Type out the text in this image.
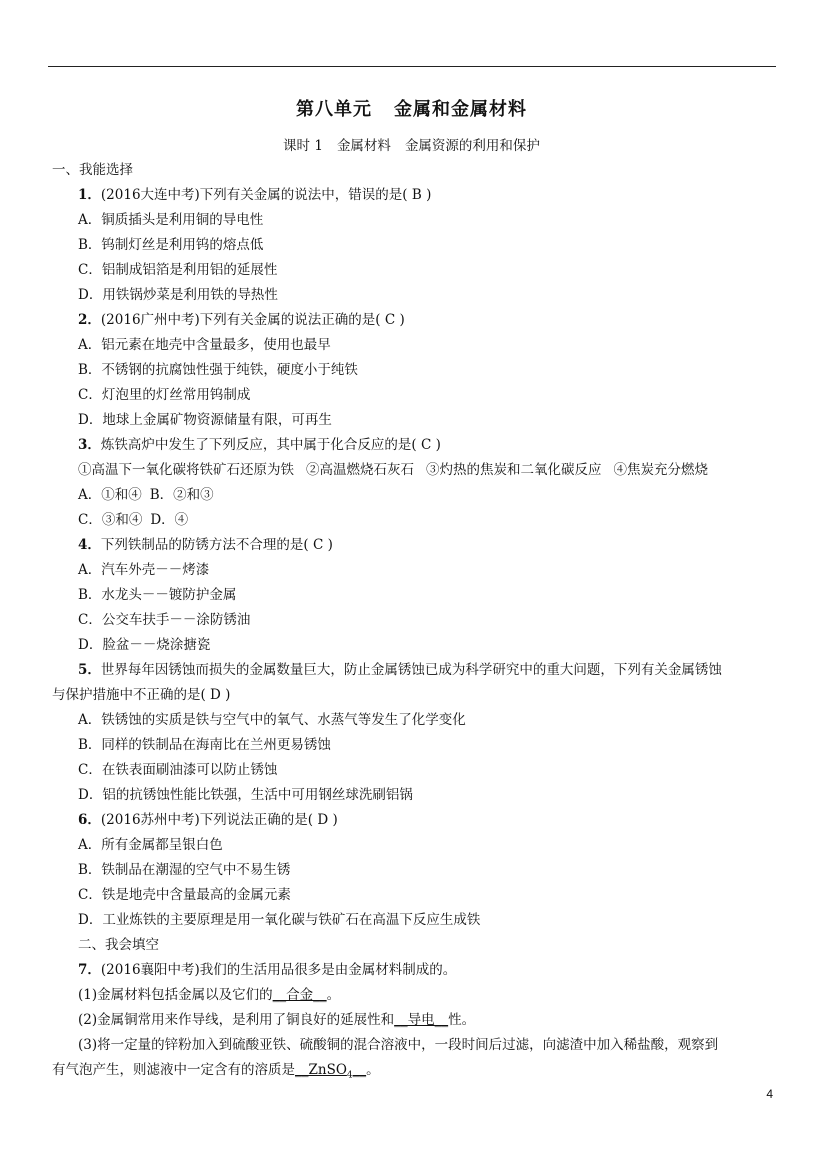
第八单元 金属和金属材料
课时 1 金属材料 金属资源的利用和保护
一、我能选择
1．(2016大连中考)下列有关金属的说法中，错误的是( B )
A．铜质插头是利用铜的导电性
B．钨制灯丝是利用钨的熔点低
C．铝制成铝箔是利用铝的延展性
D．用铁锅炒菜是利用铁的导热性
2．(2016广州中考)下列有关金属的说法正确的是( C )
A．铝元素在地壳中含量最多，使用也最早
B．不锈钢的抗腐蚀性强于纯铁，硬度小于纯铁
C．灯泡里的灯丝常用钨制成
D．地球上金属矿物资源储量有限，可再生
3．炼铁高炉中发生了下列反应，其中属于化合反应的是( C )
①高温下一氧化碳将铁矿石还原为铁 ②高温燃烧石灰石 ③灼热的焦炭和二氧化碳反应 ④焦炭充分燃烧
A．①和④ B．②和③
C．③和④ D．④
4．下列铁制品的防锈方法不合理的是( C )
A．汽车外壳－－烤漆
B．水龙头－－镀防护金属
C．公交车扶手－－涂防锈油
D．脸盆－－烧涂搪瓷
5．世界每年因锈蚀而损失的金属数量巨大，防止金属锈蚀已成为科学研究中的重大问题，下列有关金属锈蚀
与保护措施中不正确的是( D )
A．铁锈蚀的实质是铁与空气中的氧气、水蒸气等发生了化学变化
B．同样的铁制品在海南比在兰州更易锈蚀
C．在铁表面刷油漆可以防止锈蚀
D．铝的抗锈蚀性能比铁强，生活中可用钢丝球洗刷铝锅
6．(2016苏州中考)下列说法正确的是( D )
A．所有金属都呈银白色
B．铁制品在潮湿的空气中不易生锈
C．铁是地壳中含量最高的金属元素
D．工业炼铁的主要原理是用一氧化碳与铁矿石在高温下反应生成铁
二、我会填空
7．(2016襄阳中考)我们的生活用品很多是由金属材料制成的。
(1)金属材料包括金属以及它们的__合金__。
(2)金属铜常用来作导线，是利用了铜良好的延展性和__导电__性。
(3)将一定量的锌粉加入到硫酸亚铁、硫酸铜的混合溶液中，一段时间后过滤，向滤渣中加入稀盐酸，观察到
有气泡产生，则滤液中一定含有的溶质是__ZnSO$_4$__。
4
